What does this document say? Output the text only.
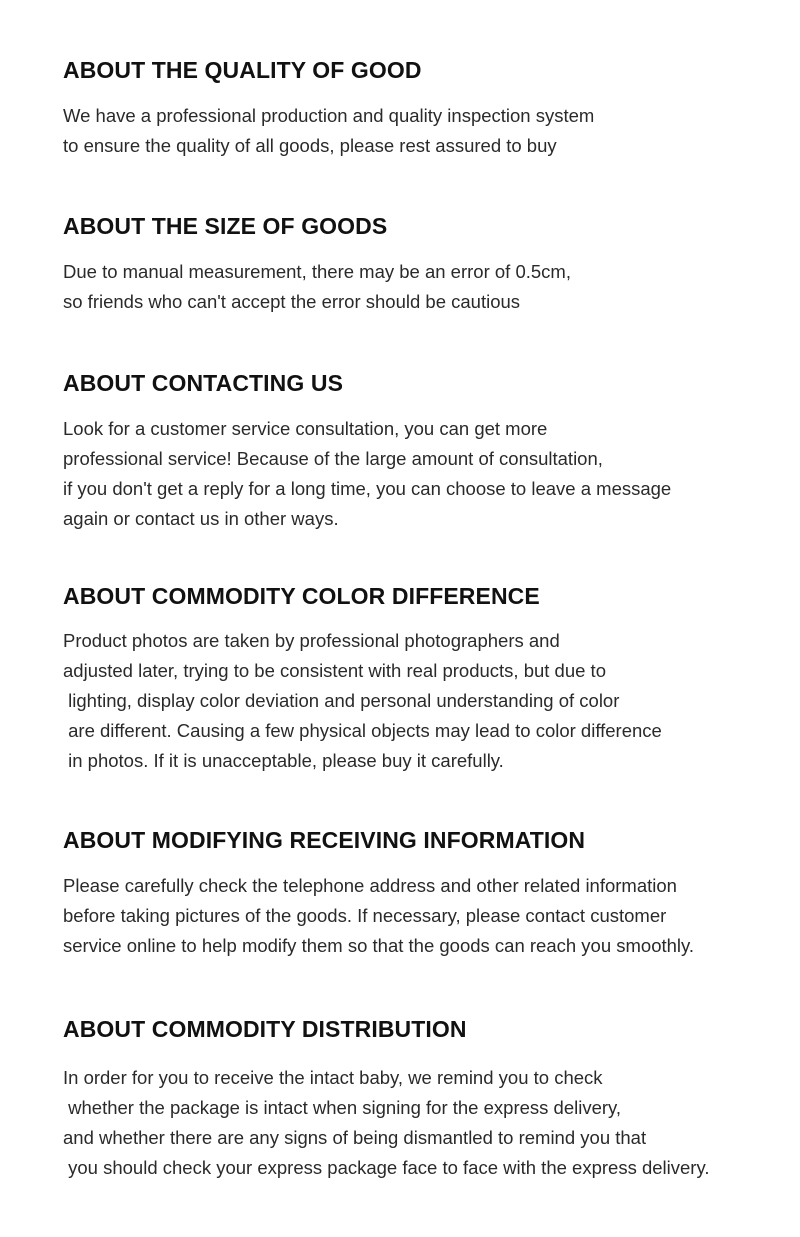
ABOUT THE QUALITY OF GOOD

We have a professional production and quality inspection system
to ensure the quality of all goods, please rest assured to buy

ABOUT THE SIZE OF GOODS

Due to manual measurement, there may be an error of 0.5cm,
so friends who can't accept the error should be cautious

ABOUT CONTACTING US

Look for a customer service consultation, you can get more
professional service! Because of the large amount of consultation,
if you don't get a reply for a long time, you can choose to leave a message
again or contact us in other ways.

ABOUT COMMODITY COLOR DIFFERENCE

Product photos are taken by professional photographers and
adjusted later, trying to be consistent with real products, but due to
lighting, display color deviation and personal understanding of color
are different. Causing a few physical objects may lead to color difference
in photos. If it is unacceptable, please buy it carefully.

ABOUT MODIFYING RECEIVING INFORMATION

Please carefully check the telephone address and other related information
before taking pictures of the goods. If necessary, please contact customer
service online to help modify them so that the goods can reach you smoothly.

ABOUT COMMODITY DISTRIBUTION

In order for you to receive the intact baby, we remind you to check
whether the package is intact when signing for the express delivery,
and whether there are any signs of being dismantled to remind you that
you should check your express package face to face with the express delivery.
